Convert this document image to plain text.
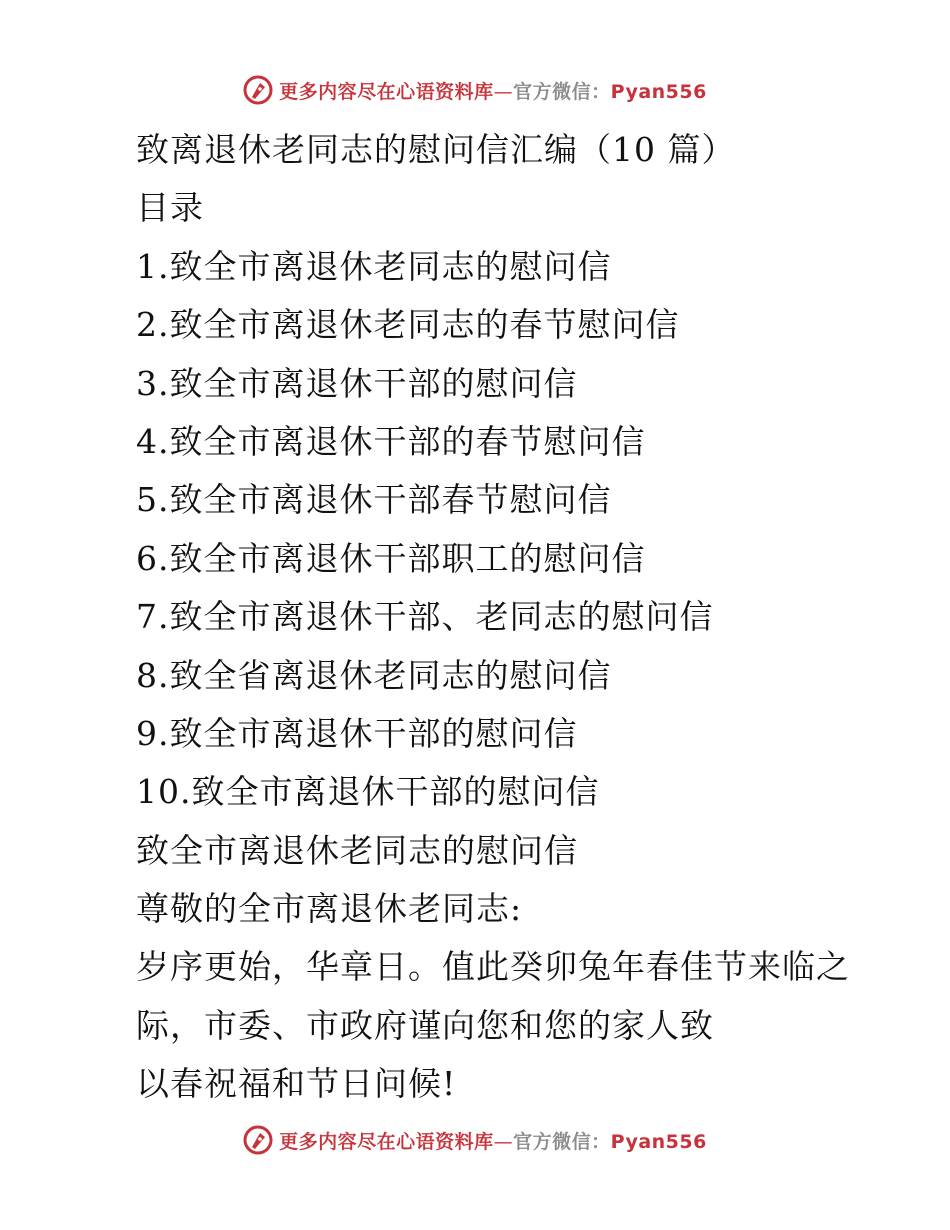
更多内容尽在心语资料库—官方微信：Pyan556
致离退休老同志的慰问信汇编（10 篇）
目录
1.致全市离退休老同志的慰问信
2.致全市离退休老同志的春节慰问信
3.致全市离退休干部的慰问信
4.致全市离退休干部的春节慰问信
5.致全市离退休干部春节慰问信
6.致全市离退休干部职工的慰问信
7.致全市离退休干部、老同志的慰问信
8.致全省离退休老同志的慰问信
9.致全市离退休干部的慰问信
10.致全市离退休干部的慰问信
致全市离退休老同志的慰问信
尊敬的全市离退休老同志:
岁序更始，华章日。值此癸卯兔年春佳节来临之
际，市委、市政府谨向您和您的家人致
以春祝福和节日问候!
更多内容尽在心语资料库—官方微信：Pyan556
